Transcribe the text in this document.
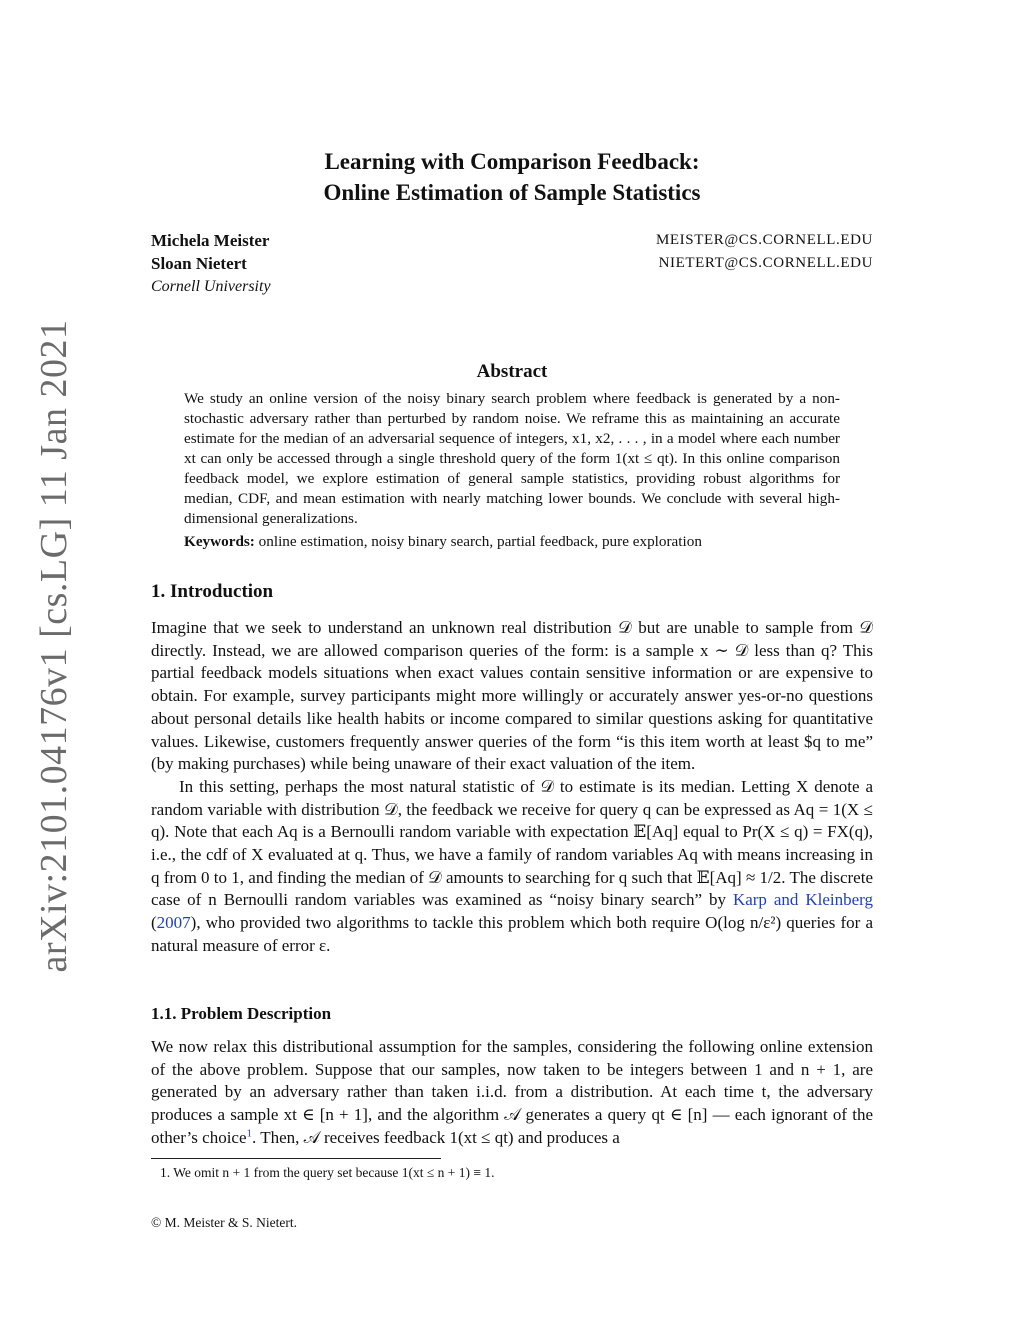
arXiv:2101.04176v1 [cs.LG] 11 Jan 2021
Learning with Comparison Feedback:
Online Estimation of Sample Statistics
Michela Meister	MEISTER@CS.CORNELL.EDU
Sloan Nietert	NIETERT@CS.CORNELL.EDU
Cornell University
Abstract
We study an online version of the noisy binary search problem where feedback is generated by a non-stochastic adversary rather than perturbed by random noise. We reframe this as maintaining an accurate estimate for the median of an adversarial sequence of integers, x1, x2, . . . , in a model where each number xt can only be accessed through a single threshold query of the form 1(xt ≤ qt). In this online comparison feedback model, we explore estimation of general sample statistics, providing robust algorithms for median, CDF, and mean estimation with nearly matching lower bounds. We conclude with several high-dimensional generalizations.
Keywords: online estimation, noisy binary search, partial feedback, pure exploration
1. Introduction

Imagine that we seek to understand an unknown real distribution 𝒟 but are unable to sample from 𝒟 directly. Instead, we are allowed comparison queries of the form: is a sample x ∼ 𝒟 less than q? This partial feedback models situations when exact values contain sensitive information or are expensive to obtain. For example, survey participants might more willingly or accurately answer yes-or-no questions about personal details like health habits or income compared to similar questions asking for quantitative values. Likewise, customers frequently answer queries of the form “is this item worth at least $q to me” (by making purchases) while being unaware of their exact valuation of the item.

In this setting, perhaps the most natural statistic of 𝒟 to estimate is its median. Letting X denote a random variable with distribution 𝒟, the feedback we receive for query q can be expressed as Aq = 1(X ≤ q). Note that each Aq is a Bernoulli random variable with expectation 𝔼[Aq] equal to Pr(X ≤ q) = FX(q), i.e., the cdf of X evaluated at q. Thus, we have a family of random variables Aq with means increasing in q from 0 to 1, and finding the median of 𝒟 amounts to searching for q such that 𝔼[Aq] ≈ 1/2. The discrete case of n Bernoulli random variables was examined as “noisy binary search” by Karp and Kleinberg (2007), who provided two algorithms to tackle this problem which both require O(log n/ε²) queries for a natural measure of error ε.

1.1. Problem Description

We now relax this distributional assumption for the samples, considering the following online extension of the above problem. Suppose that our samples, now taken to be integers between 1 and n + 1, are generated by an adversary rather than taken i.i.d. from a distribution. At each time t, the adversary produces a sample xt ∈ [n + 1], and the algorithm 𝒜 generates a query qt ∈ [n] — each ignorant of the other’s choice$^1$. Then, 𝒜 receives feedback 1(xt ≤ qt) and produces a

1. We omit n + 1 from the query set because 1(xt ≤ n + 1) ≡ 1.
© M. Meister & S. Nietert.
